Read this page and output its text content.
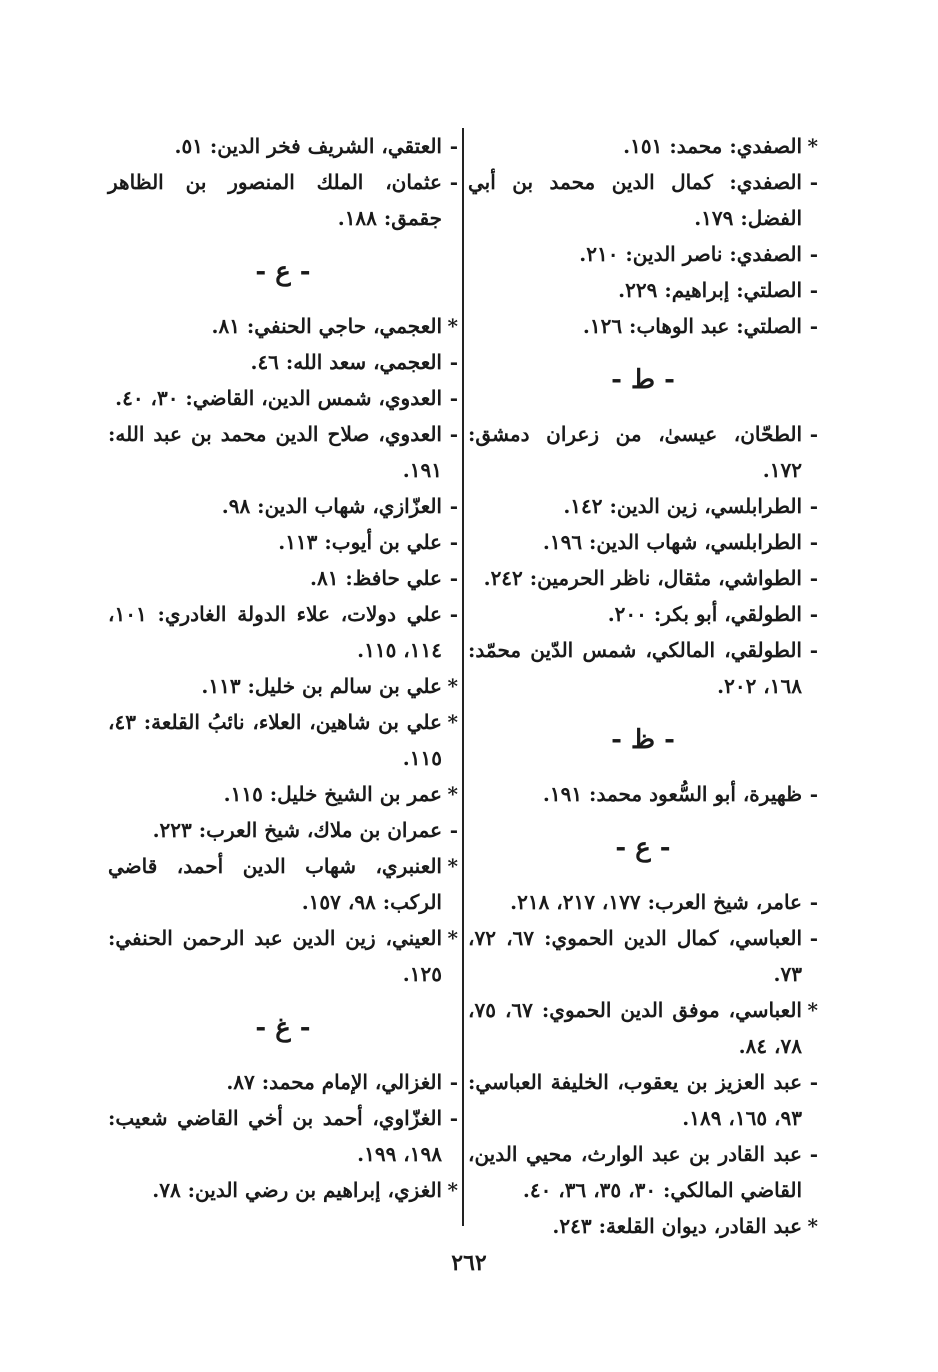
*الصفدي: محمد: ١٥١.

-الصفدي: كمال الدين محمد بن أبي الفضل: ١٧٩.

-الصفدي: ناصر الدين: ٢١٠.

-الصلتي: إبراهيم: ٢٢٩.

-الصلتي: عبد الوهاب: ١٢٦.

- ط -

-الطحّان، عيسىٰ، من زعران دمشق: ١٧٢.

-الطرابلسي، زين الدين: ١٤٢.

-الطرابلسي، شهاب الدين: ١٩٦.

-الطواشي، مثقال، ناظر الحرمين: ٢٤٢.

-الطولقي، أبو بكر: ٢٠٠.

-الطولقي، المالكي، شمس الدّين محمّد: ١٦٨، ٢٠٢.

- ظ -

-ظهيرة، أبو السُّعود محمد: ١٩١.

- ع -

-عامر، شيخ العرب: ١٧٧، ٢١٧، ٢١٨.

-العباسي، كمال الدين الحموي: ٦٧، ٧٢، ٧٣.

*العباسي، موفق الدين الحموي: ٦٧، ٧٥، ٧٨، ٨٤.

-عبد العزيز بن يعقوب، الخليفة العباسي: ٩٣، ١٦٥، ١٨٩.

-عبد القادر بن عبد الوارث، محيي الدين، القاضي المالكي: ٣٠، ٣٥، ٣٦، ٤٠.

*عبد القادر، ديوان القلعة: ٢٤٣.

-العتقي، الشريف فخر الدين: ٥١.

-عثمان، الملك المنصور بن الظاهر جقمق: ١٨٨.

- ع -

*العجمي، حاجي الحنفي: ٨١.

-العجمي، سعد الله: ٤٦.

-العدوي، شمس الدين، القاضي: ٣٠، ٤٠.

-العدوي، صلاح الدين محمد بن عبد الله: ١٩١.

-العزّازي، شهاب الدين: ٩٨.

-علي بن أيوب: ١١٣.

-علي حافظ: ٨١.

-علي دولات، علاء الدولة الغادري: ١٠١، ١١٤، ١١٥.

*علي بن سالم بن خليل: ١١٣.

*علي بن شاهين، العلاء، نائبُ القلعة: ٤٣، ١١٥.

*عمر بن الشيخ خليل: ١١٥.

-عمران بن ملاك، شيخ العرب: ٢٢٣.

*العنبري، شهاب الدين أحمد، قاضي الركب: ٩٨، ١٥٧.

*العيني، زين الدين عبد الرحمن الحنفي: ١٢٥.

- غ -

-الغزالي، الإمام محمد: ٨٧.

-الغزّاوي، أحمد بن أخي القاضي شعيب: ١٩٨، ١٩٩.

*الغزي، إبراهيم بن رضي الدين: ٧٨.

٢٦٢
